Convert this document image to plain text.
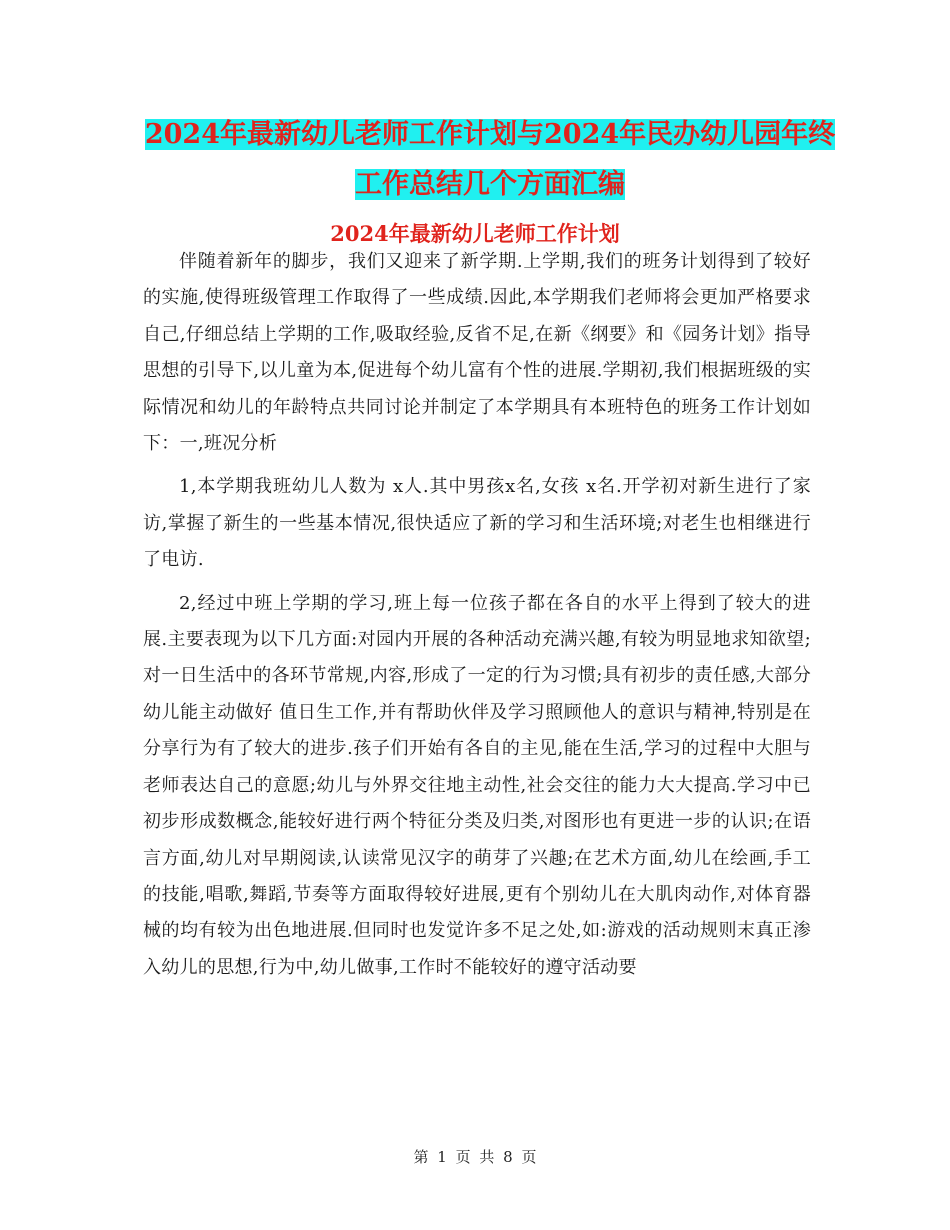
2024年最新幼儿老师工作计划与2024年民办幼儿园年终工作总结几个方面汇编
2024年最新幼儿老师工作计划

伴随着新年的脚步，我们又迎来了新学期.上学期,我们的班务计划得到了较好的实施,使得班级管理工作取得了一些成绩.因此,本学期我们老师将会更加严格要求自己,仔细总结上学期的工作,吸取经验,反省不足,在新《纲要》和《园务计划》指导思想的引导下,以儿童为本,促进每个幼儿富有个性的进展.学期初,我们根据班级的实际情况和幼儿的年龄特点共同讨论并制定了本学期具有本班特色的班务工作计划如下：一,班况分析

1,本学期我班幼儿人数为 x人.其中男孩x名,女孩 x名.开学初对新生进行了家访,掌握了新生的一些基本情况,很快适应了新的学习和生活环境;对老生也相继进行了电访.

2,经过中班上学期的学习,班上每一位孩子都在各自的水平上得到了较大的进展.主要表现为以下几方面:对园内开展的各种活动充满兴趣,有较为明显地求知欲望;对一日生活中的各环节常规,内容,形成了一定的行为习惯;具有初步的责任感,大部分幼儿能主动做好 值日生工作,并有帮助伙伴及学习照顾他人的意识与精神,特别是在分享行为有了较大的进步.孩子们开始有各自的主见,能在生活,学习的过程中大胆与老师表达自己的意愿;幼儿与外界交往地主动性,社会交往的能力大大提高.学习中已初步形成数概念,能较好进行两个特征分类及归类,对图形也有更进一步的认识;在语言方面,幼儿对早期阅读,认读常见汉字的萌芽了兴趣;在艺术方面,幼儿在绘画,手工的技能,唱歌,舞蹈,节奏等方面取得较好进展,更有个别幼儿在大肌肉动作,对体育器械的均有较为出色地进展.但同时也发觉许多不足之处,如:游戏的活动规则末真正渗入幼儿的思想,行为中,幼儿做事,工作时不能较好的遵守活动要

第 1 页 共 8 页
